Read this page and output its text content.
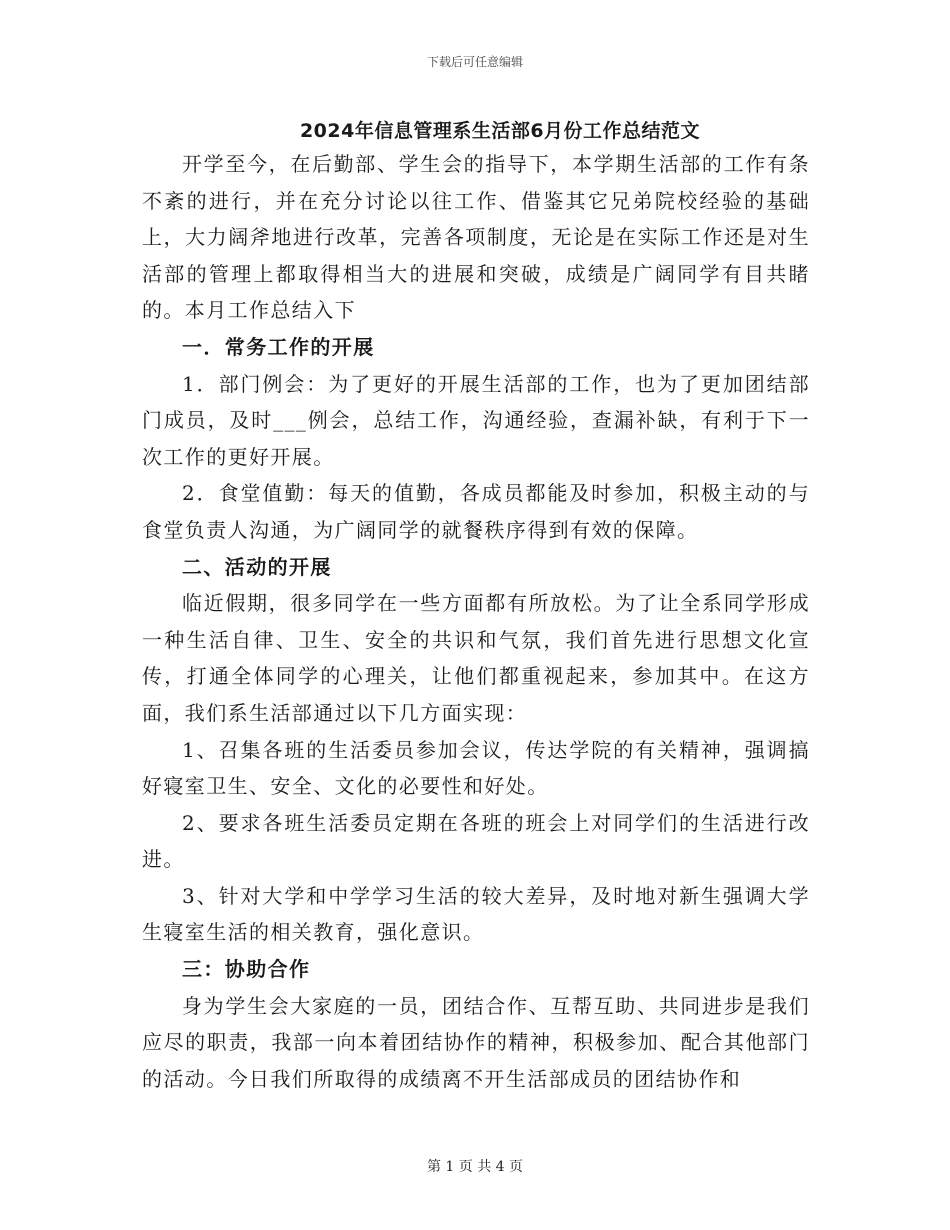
下载后可任意编辑
2024年信息管理系生活部6月份工作总结范文

开学至今，在后勤部、学生会的指导下，本学期生活部的工作有条不紊的进行，并在充分讨论以往工作、借鉴其它兄弟院校经验的基础上，大力阔斧地进行改革，完善各项制度，无论是在实际工作还是对生活部的管理上都取得相当大的进展和突破，成绩是广阔同学有目共睹的。本月工作总结入下

一．常务工作的开展

1．部门例会：为了更好的开展生活部的工作，也为了更加团结部门成员，及时___例会，总结工作，沟通经验，查漏补缺，有利于下一次工作的更好开展。

2．食堂值勤：每天的值勤，各成员都能及时参加，积极主动的与食堂负责人沟通，为广阔同学的就餐秩序得到有效的保障。

二、活动的开展

临近假期，很多同学在一些方面都有所放松。为了让全系同学形成一种生活自律、卫生、安全的共识和气氛，我们首先进行思想文化宣传，打通全体同学的心理关，让他们都重视起来，参加其中。在这方面，我们系生活部通过以下几方面实现：

1、召集各班的生活委员参加会议，传达学院的有关精神，强调搞好寝室卫生、安全、文化的必要性和好处。

2、要求各班生活委员定期在各班的班会上对同学们的生活进行改进。

3、针对大学和中学学习生活的较大差异，及时地对新生强调大学生寝室生活的相关教育，强化意识。

三：协助合作

身为学生会大家庭的一员，团结合作、互帮互助、共同进步是我们应尽的职责，我部一向本着团结协作的精神，积极参加、配合其他部门的活动。今日我们所取得的成绩离不开生活部成员的团结协作和

第 1 页 共 4 页
